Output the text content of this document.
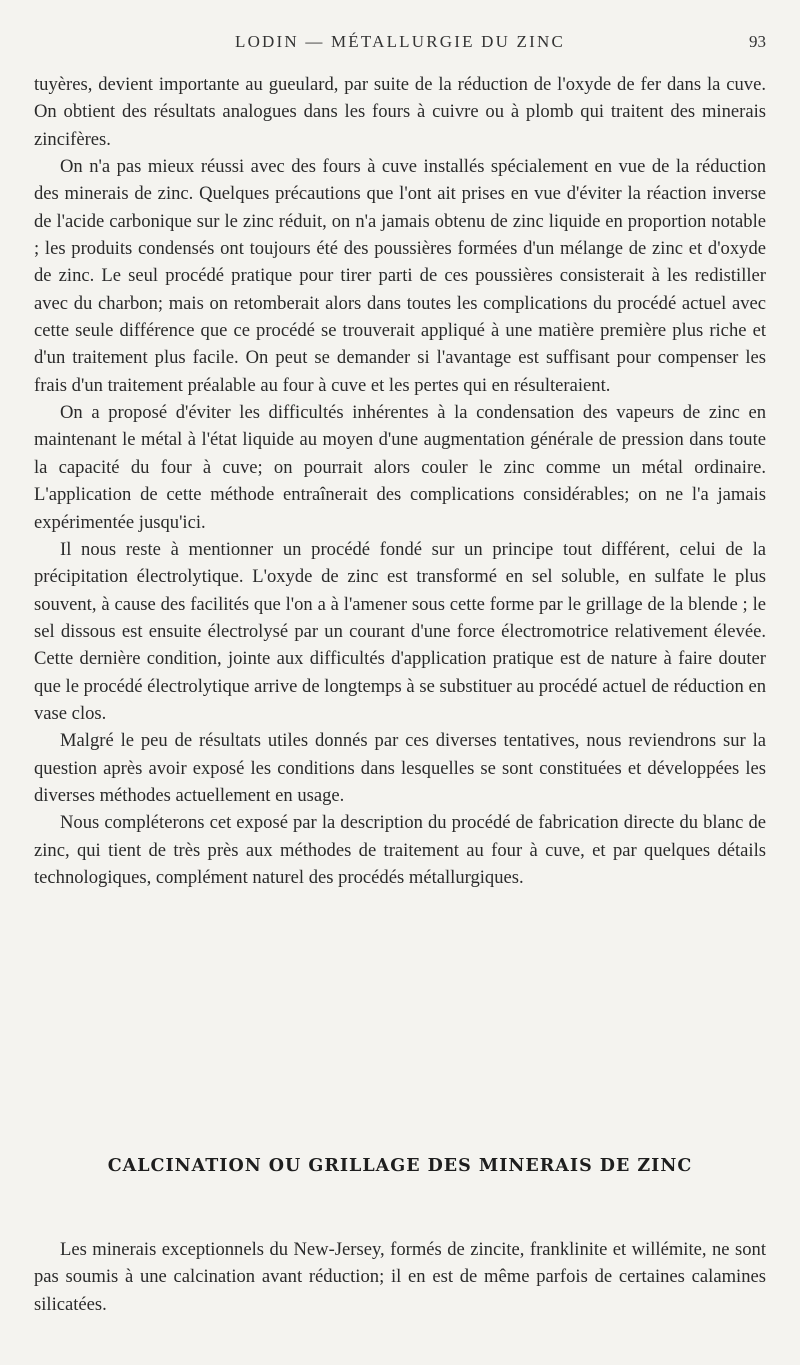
LODIN — MÉTALLURGIE DU ZINC	93

tuyères, devient importante au gueulard, par suite de la réduction de l'oxyde de fer dans la cuve. On obtient des résultats analogues dans les fours à cuivre ou à plomb qui traitent des minerais zincifères.

On n'a pas mieux réussi avec des fours à cuve installés spécialement en vue de la réduction des minerais de zinc. Quelques précautions que l'ont ait prises en vue d'éviter la réaction inverse de l'acide carbonique sur le zinc réduit, on n'a jamais obtenu de zinc liquide en proportion notable ; les produits condensés ont toujours été des poussières formées d'un mélange de zinc et d'oxyde de zinc. Le seul procédé pratique pour tirer parti de ces poussières consisterait à les redistiller avec du charbon; mais on retomberait alors dans toutes les complications du procédé actuel avec cette seule différence que ce procédé se trouverait appliqué à une matière première plus riche et d'un traitement plus facile. On peut se demander si l'avantage est suffisant pour compenser les frais d'un traitement préalable au four à cuve et les pertes qui en résulteraient.

On a proposé d'éviter les difficultés inhérentes à la condensation des vapeurs de zinc en maintenant le métal à l'état liquide au moyen d'une augmentation générale de pression dans toute la capacité du four à cuve; on pourrait alors couler le zinc comme un métal ordinaire. L'application de cette méthode entraînerait des complications considérables; on ne l'a jamais expérimentée jusqu'ici.

Il nous reste à mentionner un procédé fondé sur un principe tout différent, celui de la précipitation électrolytique. L'oxyde de zinc est transformé en sel soluble, en sulfate le plus souvent, à cause des facilités que l'on a à l'amener sous cette forme par le grillage de la blende ; le sel dissous est ensuite électrolysé par un courant d'une force électromotrice relativement élevée. Cette dernière condition, jointe aux difficultés d'application pratique est de nature à faire douter que le procédé électrolytique arrive de longtemps à se substituer au procédé actuel de réduction en vase clos.

Malgré le peu de résultats utiles donnés par ces diverses tentatives, nous reviendrons sur la question après avoir exposé les conditions dans lesquelles se sont constituées et développées les diverses méthodes actuellement en usage.

Nous compléterons cet exposé par la description du procédé de fabrication directe du blanc de zinc, qui tient de très près aux méthodes de traitement au four à cuve, et par quelques détails technologiques, complément naturel des procédés métallurgiques.

CALCINATION OU GRILLAGE DES MINERAIS DE ZINC

Les minerais exceptionnels du New-Jersey, formés de zincite, franklinite et willémite, ne sont pas soumis à une calcination avant réduction; il en est de même parfois de certaines calamines silicatées.
